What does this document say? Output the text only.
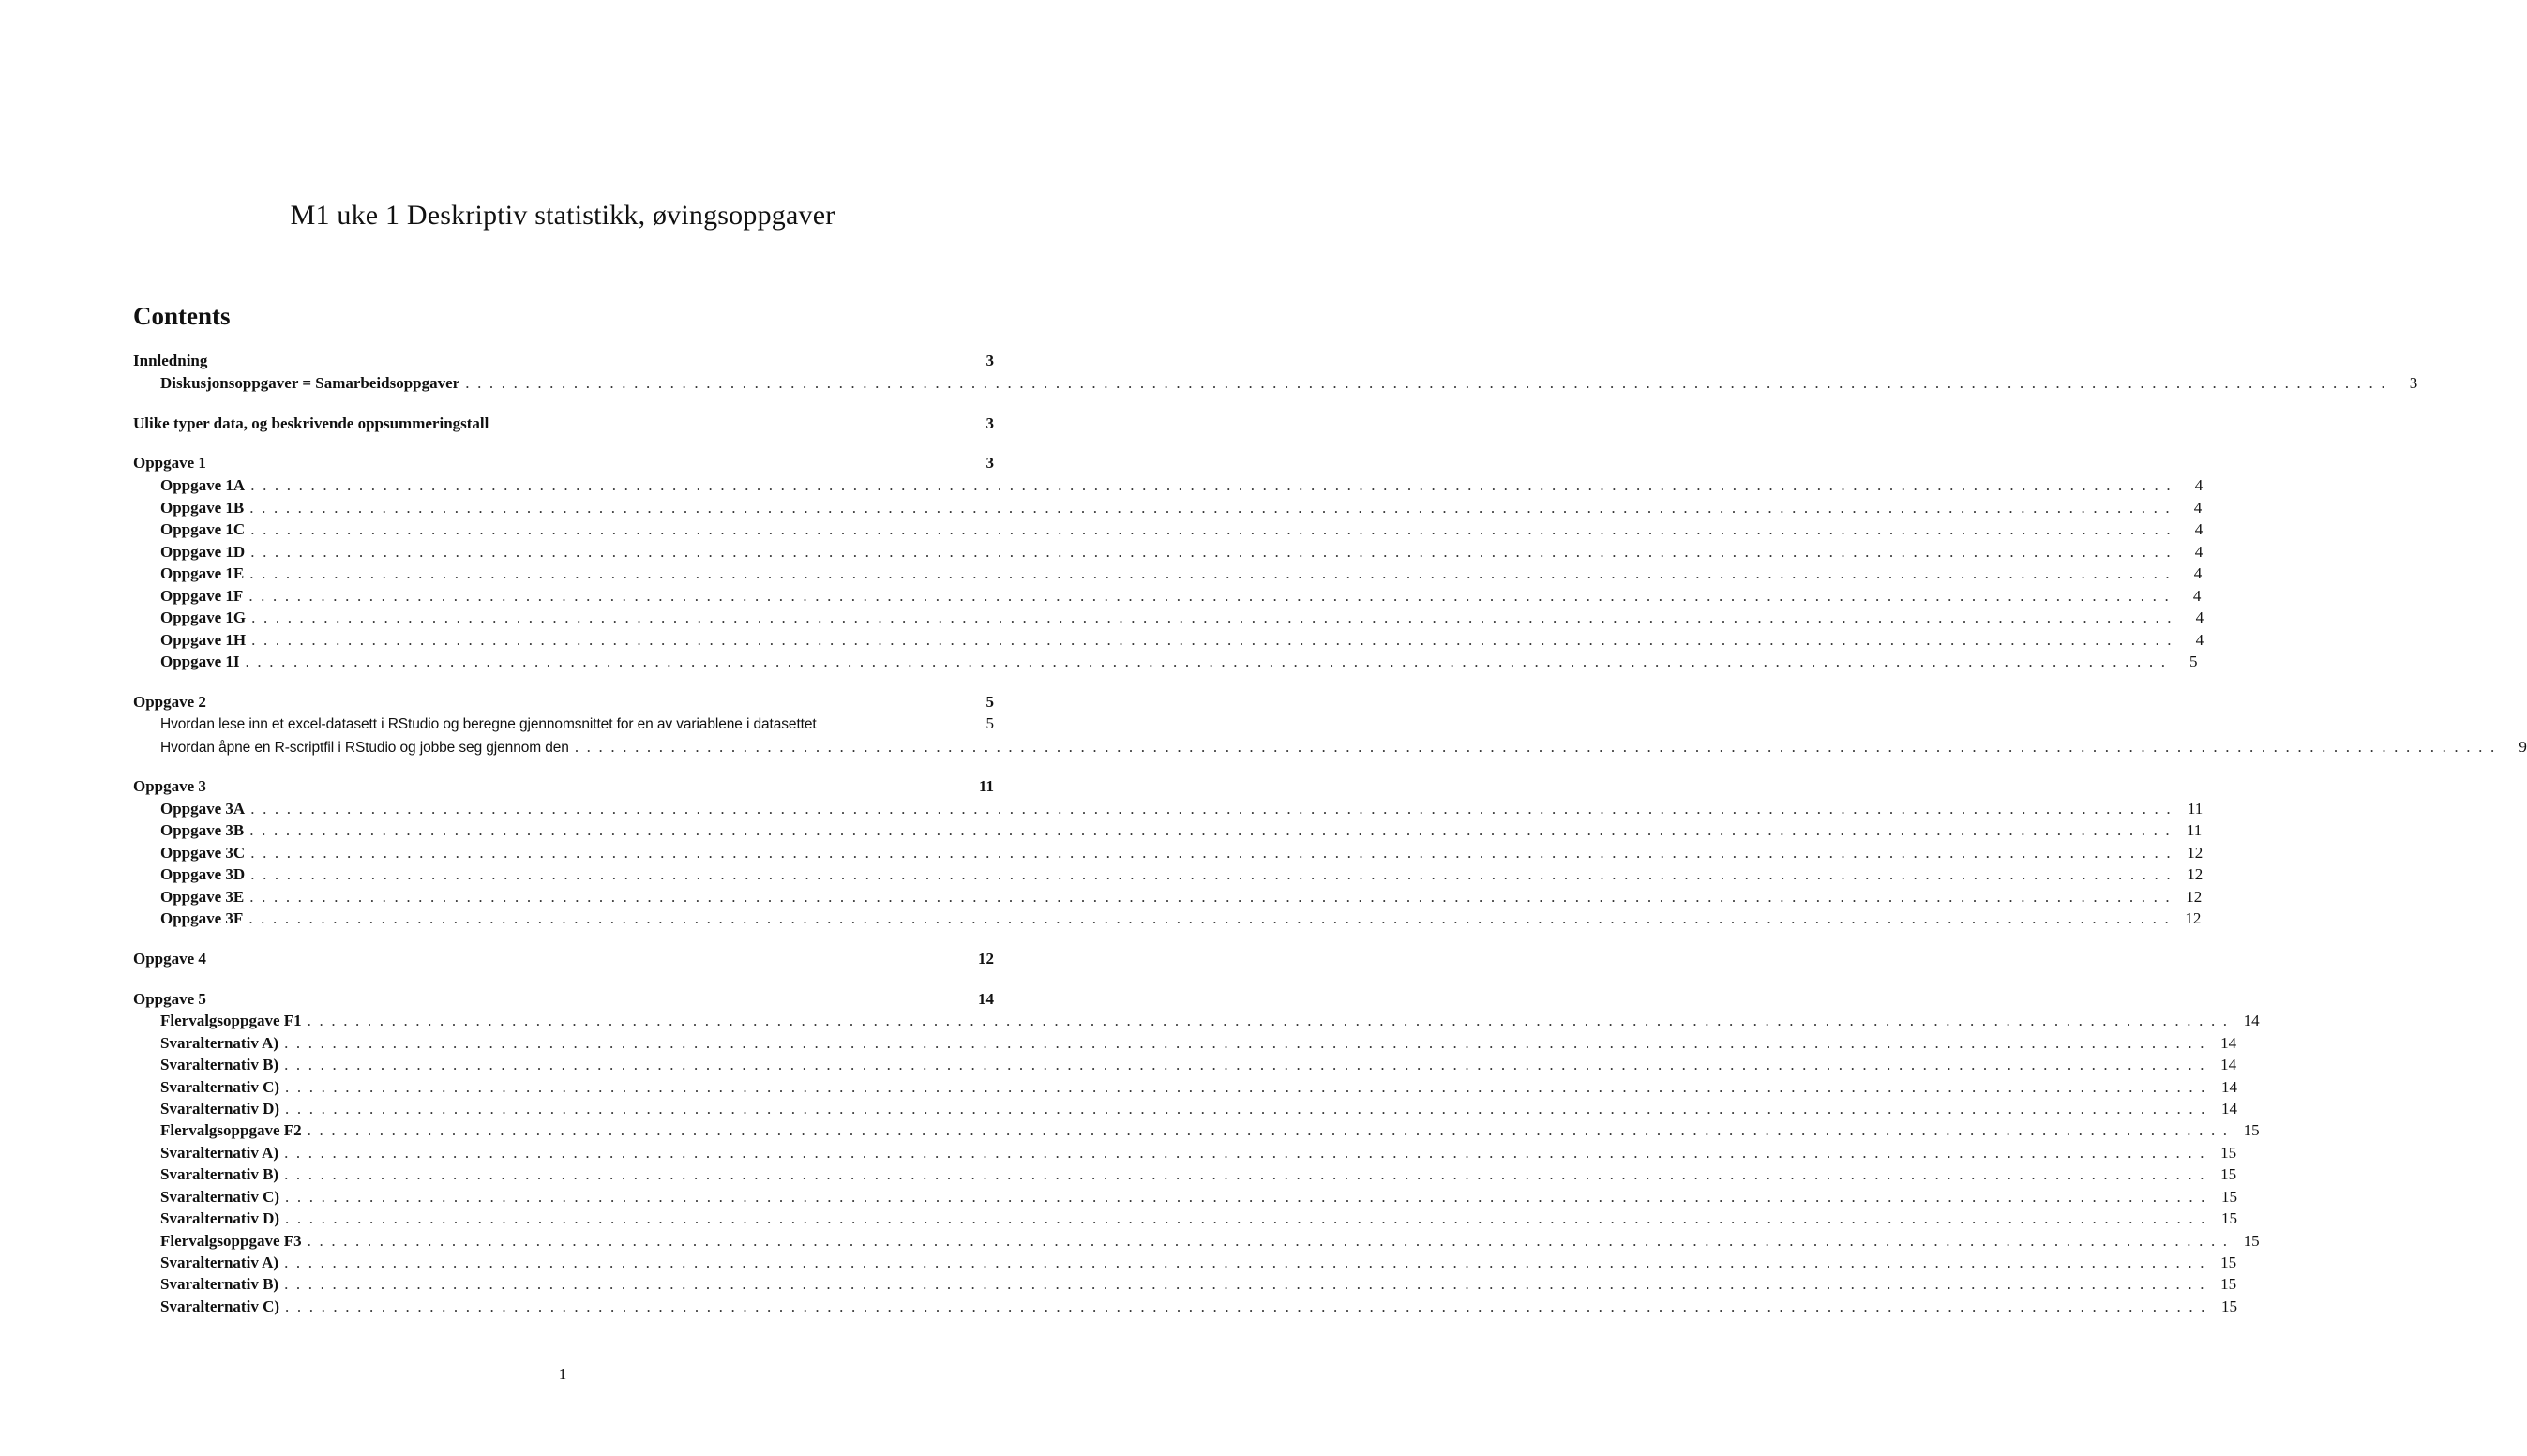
M1 uke 1 Deskriptiv statistikk, øvingsoppgaver
Contents
Innledning	3
Diskusjonsoppgaver = Samarbeidsoppgaver ................................................................................................................................................................	3
Ulike typer data, og beskrivende oppsummeringstall	3
Oppgave 1	3
Oppgave 1A ................................................................................................................................................................	4
Oppgave 1B ................................................................................................................................................................	4
Oppgave 1C ................................................................................................................................................................	4
Oppgave 1D ................................................................................................................................................................	4
Oppgave 1E ................................................................................................................................................................	4
Oppgave 1F ................................................................................................................................................................	4
Oppgave 1G ................................................................................................................................................................	4
Oppgave 1H ................................................................................................................................................................	4
Oppgave 1I ................................................................................................................................................................	5
Oppgave 2	5
Hvordan lese inn et excel-datasett i RStudio og beregne gjennomsnittet for en av variablene i datasettet	5
Hvordan åpne en R-scriptfil i RStudio og jobbe seg gjennom den ................................................................................................................................................................	9
Oppgave 3	11
Oppgave 3A ................................................................................................................................................................ 11
Oppgave 3B ................................................................................................................................................................ 11
Oppgave 3C ................................................................................................................................................................ 12
Oppgave 3D ................................................................................................................................................................ 12
Oppgave 3E ................................................................................................................................................................ 12
Oppgave 3F ................................................................................................................................................................ 12
Oppgave 4	12
Oppgave 5	14
Flervalgsoppgave F1 ................................................................................................................................................................ 14
Svaralternativ A) ................................................................................................................................................................ 14
Svaralternativ B) ................................................................................................................................................................ 14
Svaralternativ C) ................................................................................................................................................................ 14
Svaralternativ D) ................................................................................................................................................................ 14
Flervalgsoppgave F2 ................................................................................................................................................................ 15
Svaralternativ A) ................................................................................................................................................................ 15
Svaralternativ B) ................................................................................................................................................................ 15
Svaralternativ C) ................................................................................................................................................................ 15
Svaralternativ D) ................................................................................................................................................................ 15
Flervalgsoppgave F3 ................................................................................................................................................................ 15
Svaralternativ A) ................................................................................................................................................................ 15
Svaralternativ B) ................................................................................................................................................................ 15
Svaralternativ C) ................................................................................................................................................................ 15
1
